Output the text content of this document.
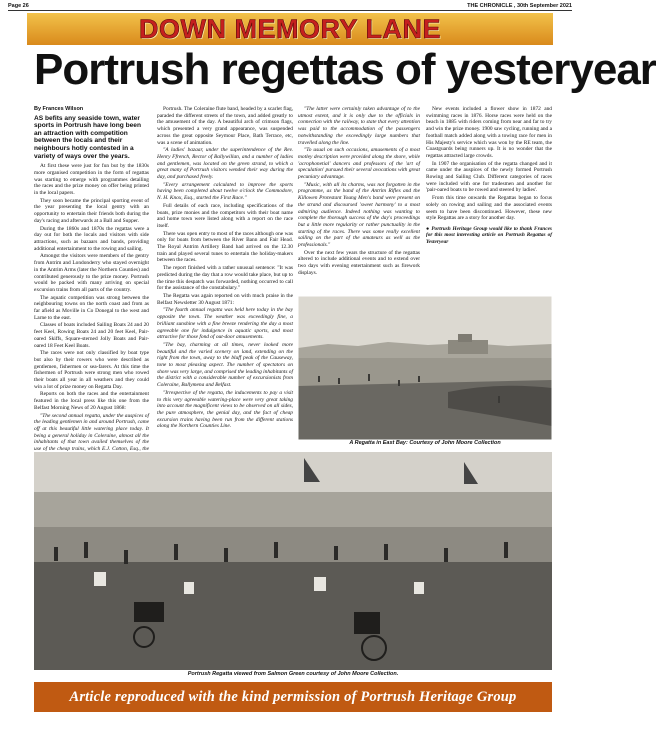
Page 26	THE CHRONICLE , 30th September 2021
DOWN MEMORY LANE
Portrush regettas of yesteryear
By Frances Wilson
AS befits any seaside town, water sports in Portrush have long been an attraction with competition between the locals and their neighbours hotly contested in a variety of ways over the years.

At first these were just for fun but by the 1830s more organised competition in the form of regattas was starting to emerge with programmes detailing the races and the prize money on offer being printed in the local papers.

They soon became the principal sporting event of the year presenting the local gentry with an opportunity to entertain their friends both during the day's racing and afterwards at a Ball and Supper.

During the 1860s and 1870s the regattas were a day out for both the locals and visitors with side attractions, such as bazaars and bands, providing additional entertainment to the rowing and sailing.

Amongst the visitors were members of the gentry from Antrim and Londonderry who stayed overnight in the Antrim Arms (later the Northern Counties) and contributed generously to the prize money. Portrush would be packed with many arriving on special excursion trains from all parts of the country.

The aquatic competition was strong between the neighbouring towns on the north coast and from as far afield as Moville in Co Donegal to the west and Larne to the east.

Classes of boats included Sailing Boats 24 and 20 feet Keel, Rowing Boats 24 and 20 feet Keel, Pair-oared Skiffs, Square-sterned Jolly Boats and Pair-oared 18 Feet Keel Boats.

The races were not only classified by boat type but also by their rowers who were described as gentlemen, fishermen or sea-farers. At this time the fishermen of Portrush were strong men who rowed their boats all year in all weathers and they could win a lot of prize money on Regatta Day.

Reports on both the races and the entertainment featured in the local press like this one from the Belfast Morning News of 20 August 1868:

"The second annual regatta, under the auspices of the leading gentlemen in and around Portrush, came off at this beautiful little watering place today. It being a general holiday in Coleraine, almost all the inhabitants of that town availed themselves of the use of the cheap trains, which E.J. Cotton, Esq., the

Portrush. The Coleraine flute band, headed by a scarlet flag, paraded the different streets of the town, and added greatly to the amusement of the day. A beautiful arch of crimson flags, which presented a very grand appearance, was suspended across the great opposite Seymour Place, Bath Terrace, etc, was a scene of animation.

"A ladies' bazaar, under the superintendence of the Rev. Henry Ffrench, Rector of Ballywillan, and a number of ladies and gentlemen, was located on the green strand, to which a great many of Portrush visitors wended their way during the day, and purchased freely.

"Every arrangement calculated to improve the sports having been completed about twelve o'clock the Commodore, N. H. Knox, Esq., started the First Race."

Full details of each race, including specifications of the boats, prize monies and the competitors with their boat name and home town were listed along with a report on the race itself.

There was open entry to most of the races although one was only for boats from between the River Bann and Fair Head. The Royal Antrim Artillery Band had arrived on the 12.30 train and played several tunes to entertain the holiday-makers between the races.

The report finished with a rather unusual sentence: "It was predicted during the day that a row would take place, but up to the time this despatch was forwarded, nothing occurred to call for the assistance of the constabulary."

The Regatta was again reported on with much praise in the Belfast Newsletter 30 August 1871:

"The fourth annual regatta was held here today in the bay opposite the town. The weather was exceedingly fine, a brilliant sunshine with a fine breeze rendering the day a most agreeable one for indulgence in aquatic sports, and most attractive for those fond of out-door amusements.

"The bay, charming at all times, never looked more beautiful and the varied scenery on land, extending on the right from the town, away to the bluff peak of the Causeway, tone to most pleasing aspect. The number of spectators on shore was very large, and comprised the leading inhabitants of the district with a considerable number of excursionists from Coleraine, Ballymena and Belfast.

"Irrespective of the regatta, the inducements to pay a visit to this very agreeable watering-place were very great taking into account the magnificent views to be observed on all sides, the pure atmosphere, the genial day, and the fact of cheap excursion trains having been run from the different stations along the Northern Counties Line.

"The latter were certainly taken advantage of to the utmost extent, and it is only due to the officials in connection with the railway, to state that every attention was paid to the accommodation of the passengers notwithstanding the exceedingly large numbers that travelled along the line.

"To usual on such occasions, amusements of a most motley description were provided along the shore, while 'acrophonetial' dancers and professors of the 'art of speculation' pursued their several avocations with great pecuniary advantage.

"Music, with all its charms, was not forgotten in the programme, as the band of the Antrim Rifles and the Killowen Protestant Young Men's band were present on the strand and discoursed 'sweet harmony' to a most admiring audience. Indeed nothing was wanting to complete the thorough success of the day's proceedings but a little more regularity or rather punctuality in the starting of the races. There was some really excellent sailing on the part of the amateurs as well as the professionals."

Over the next few years the structure of the regattas altered to include additional events and to extend over two days with evening entertainment such as firework displays.

New events included a flower show in 1872 and swimming races in 1876. Horse races were held on the beach in 1885 with riders coming from near and far to try and win the prize money. 1900 saw cycling, running and a football match added along with a towing race for men in His Majesty's service which was won by the RE team, the Coastguards being runners up. It is no wonder that the regattas attracted large crowds.

In 1907 the organisation of the regatta changed and it came under the auspices of the newly formed Portrush Rowing and Sailing Club. Different categories of races were included with one for tradesmen and another for 'pair-oared boats to be rowed and steered by ladies'.

From this time onwards the Regattas began to focus solely on rowing and sailing and the associated events seem to have been discontinued. However, these new style Regattas are a story for another day.

● Portrush Heritage Group would like to thank Frances for this most interesting article on Portrush Regattas of Yesteryear
A Regatta in East Bay: Courtesy of John Moore Collection
Portrush Regatta viewed from Salmon Green courtesy of John Moore Collection.
Article reproduced with the kind permission of Portrush Heritage Group
